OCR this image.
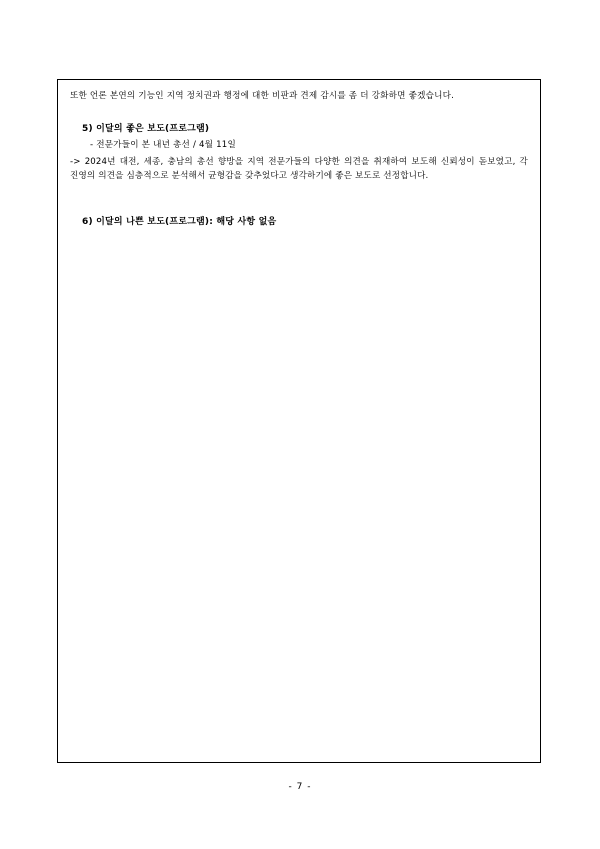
또한 언론 본연의 기능인 지역 정치권과 행정에 대한 비판과 견제 감시를 좀 더 강화하면 좋겠습니다.
5) 이달의 좋은 보도(프로그램)
- 전문가들이 본 내년 총선 / 4월 11일
-> 2024년 대전, 세종, 충남의 총선 향방을 지역 전문가들의 다양한 의견을 취재하여 보도해 신뢰성이 돋보였고, 각 진영의 의견을 심층적으로 분석해서 균형감을 갖추었다고 생각하기에 좋은 보도로 선정합니다.
6) 이달의 나쁜 보도(프로그램): 해당 사항 없음
- 7 -
